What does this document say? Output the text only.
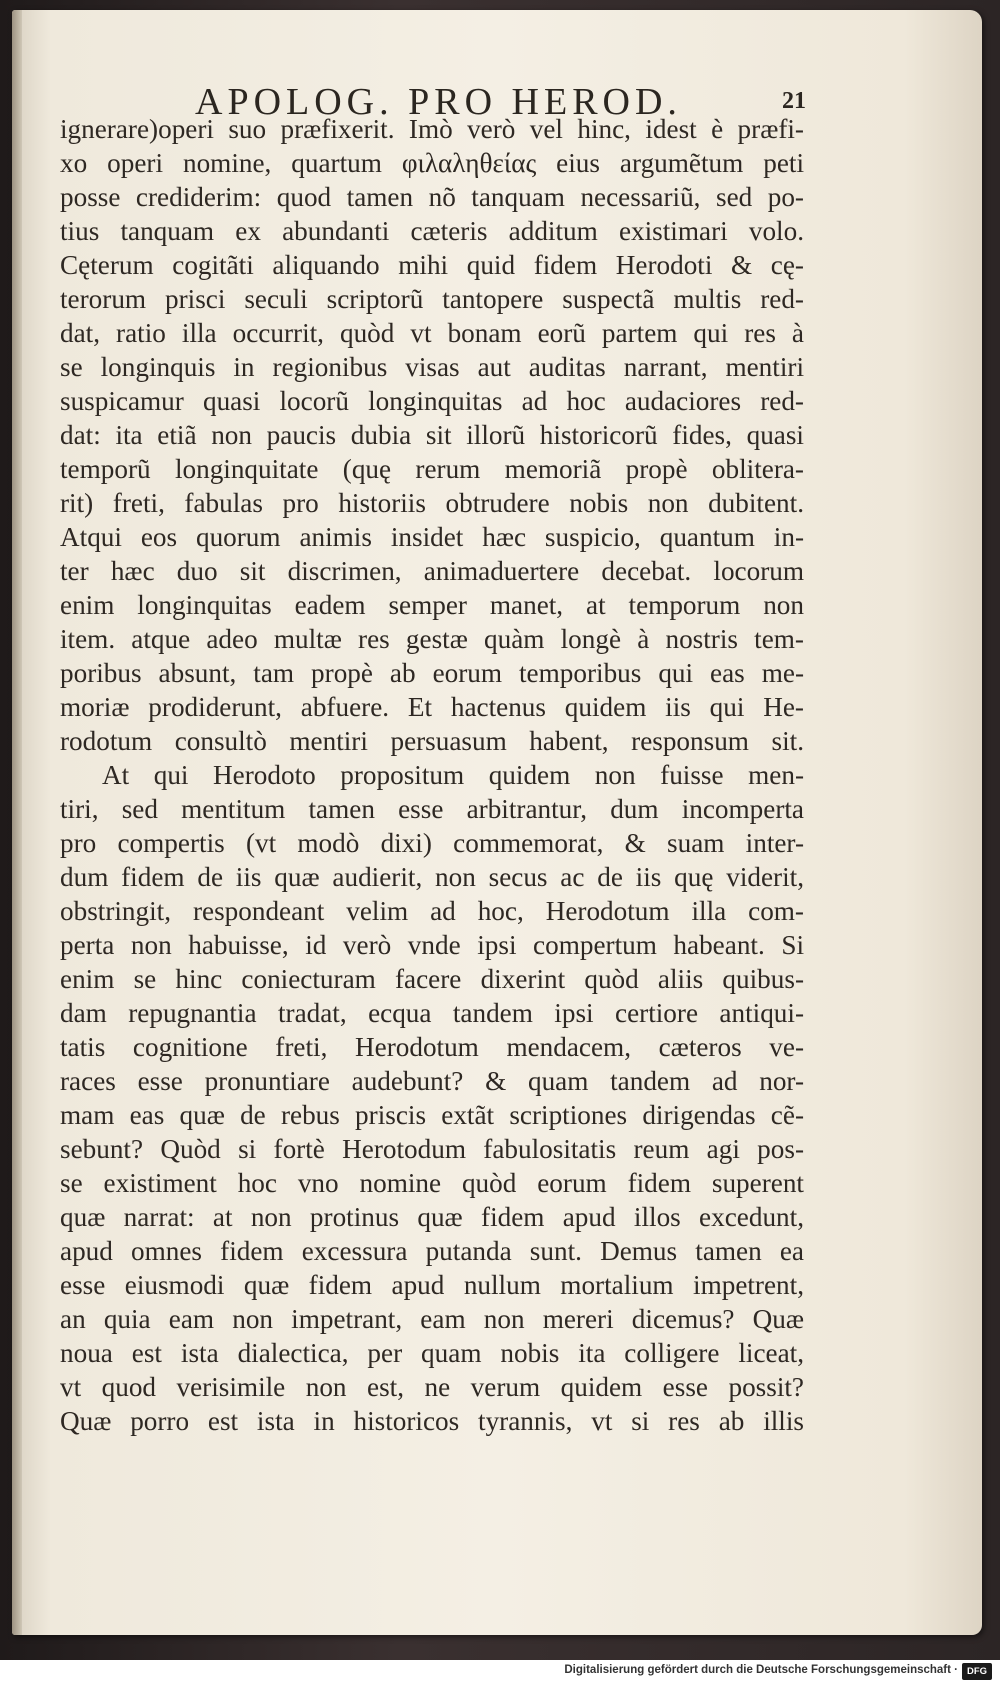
APOLOG. PRO HEROD.	21
ignerare)operi suo præfixerit. Imò verò vel hinc, idest è præfi-
xo operi nomine, quartum φιλαληθείας eius argumẽtum peti
posse crediderim: quod tamen nõ tanquam necessariũ, sed po-
tius tanquam ex abundanti cæteris additum existimari volo.
Cęterum cogitãti aliquando mihi quid fidem Herodoti & cę-
terorum prisci seculi scriptorũ tantopere suspectã multis red-
dat, ratio illa occurrit, quòd vt bonam eorũ partem qui res à
se longinquis in regionibus visas aut auditas narrant, mentiri
suspicamur quasi locorũ longinquitas ad hoc audaciores red-
dat: ita etiã non paucis dubia sit illorũ historicorũ fides, quasi
temporũ longinquitate (quę rerum memoriã propè oblitera-
rit) freti, fabulas pro historiis obtrudere nobis non dubitent.
Atqui eos quorum animis insidet hæc suspicio, quantum in-
ter hæc duo sit discrimen, animaduertere decebat. locorum
enim longinquitas eadem semper manet, at temporum non
item. atque adeo multæ res gestæ quàm longè à nostris tem-
poribus absunt, tam propè ab eorum temporibus qui eas me-
moriæ prodiderunt, abfuere. Et hactenus quidem iis qui He-
rodotum consultò mentiri persuasum habent, responsum sit.
At qui Herodoto propositum quidem non fuisse men-
tiri, sed mentitum tamen esse arbitrantur, dum incomperta
pro compertis (vt modò dixi) commemorat, & suam inter-
dum fidem de iis quæ audierit, non secus ac de iis quę viderit,
obstringit, respondeant velim ad hoc, Herodotum illa com-
perta non habuisse, id verò vnde ipsi compertum habeant. Si
enim se hinc coniecturam facere dixerint quòd aliis quibus-
dam repugnantia tradat, ecqua tandem ipsi certiore antiqui-
tatis cognitione freti, Herodotum mendacem, cæteros ve-
races esse pronuntiare audebunt? & quam tandem ad nor-
mam eas quæ de rebus priscis extãt scriptiones dirigendas cẽ-
sebunt? Quòd si fortè Herotodum fabulositatis reum agi pos-
se existiment hoc vno nomine quòd eorum fidem superent
quæ narrat: at non protinus quæ fidem apud illos excedunt,
apud omnes fidem excessura putanda sunt. Demus tamen ea
esse eiusmodi quæ fidem apud nullum mortalium impetrent,
an quia eam non impetrant, eam non mereri dicemus? Quæ
noua est ista dialectica, per quam nobis ita colligere liceat,
vt quod verisimile non est, ne verum quidem esse possit?
Quæ porro est ista in historicos tyrannis, vt si res ab illis
Digitalisierung gefördert durch die Deutsche Forschungsgemeinschaft · DFG
